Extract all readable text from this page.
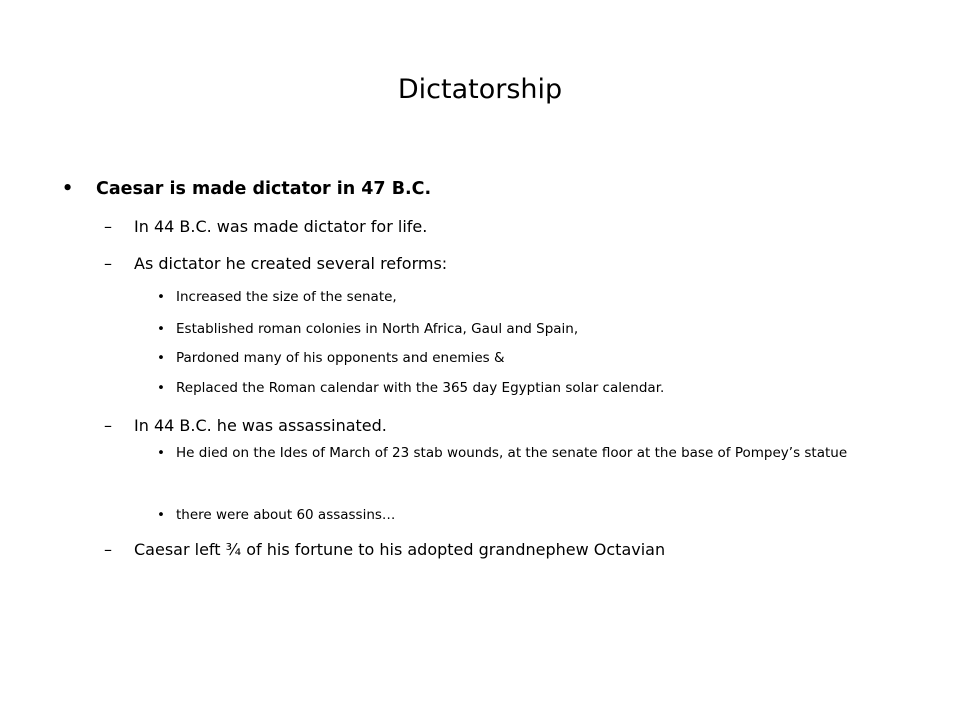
Dictatorship
• Caesar is made dictator in 47 B.C.
– In 44 B.C. was made dictator for life.
– As dictator he created several reforms:
• Increased the size of the senate,
• Established roman colonies in North Africa, Gaul and Spain,
• Pardoned many of his opponents and enemies &
• Replaced the Roman calendar with the 365 day Egyptian solar calendar.
– In 44 B.C. he was assassinated.
• He died on the Ides of March of 23 stab wounds, at the senate floor at the base of Pompey’s statue
• there were about 60 assassins…
– Caesar left ¾ of his fortune to his adopted grandnephew Octavian
